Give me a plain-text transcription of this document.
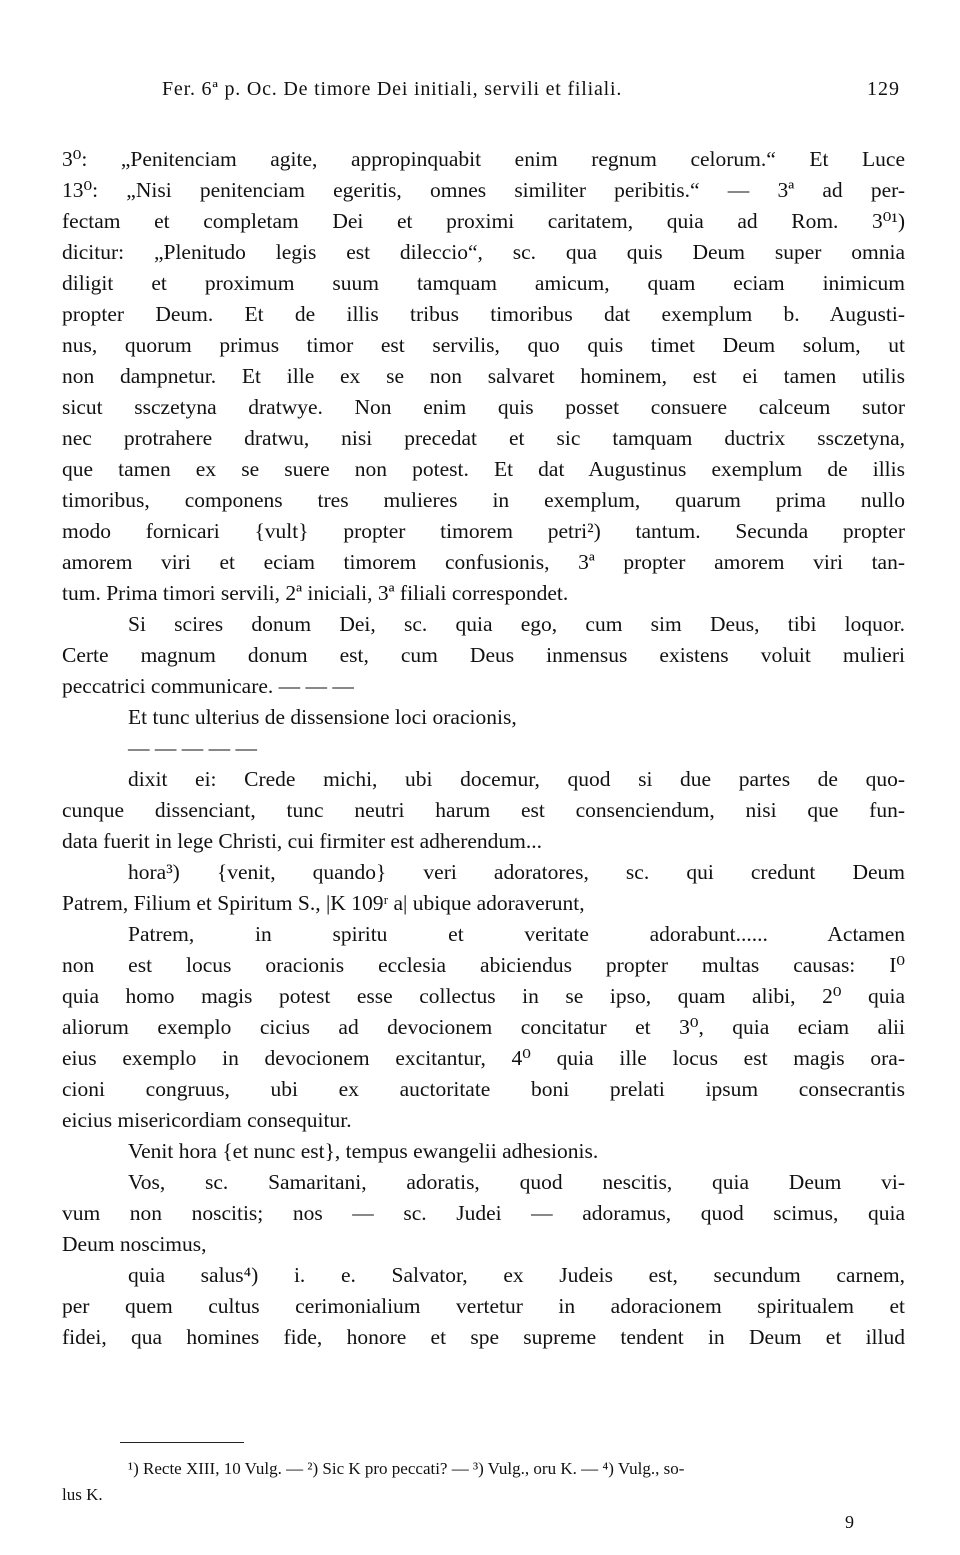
Fer. 6ª p. Oc. De timore Dei initiali, servili et filiali.	129
3⁰: „Penitenciam agite, appropinquabit enim regnum celorum.“ Et Luce
13⁰: „Nisi penitenciam egeritis, omnes similiter peribitis.“ — 3ª ad per-
fectam et completam Dei et proximi caritatem, quia ad Rom. 3⁰¹)
dicitur: „Plenitudo legis est dileccio“, sc. qua quis Deum super omnia
diligit et proximum suum tamquam amicum, quam eciam inimicum
propter Deum. Et de illis tribus timoribus dat exemplum b. Augusti-
nus, quorum primus timor est servilis, quo quis timet Deum solum, ut
non dampnetur. Et ille ex se non salvaret hominem, est ei tamen utilis
sicut ssczetyna dratwye. Non enim quis posset consuere calceum sutor
nec protrahere dratwu, nisi precedat et sic tamquam ductrix ssczetyna,
que tamen ex se suere non potest. Et dat Augustinus exemplum de illis
timoribus, componens tres mulieres in exemplum, quarum prima nullo
modo fornicari {vult} propter timorem petri²) tantum. Secunda propter
amorem viri et eciam timorem confusionis, 3ª propter amorem viri tan-
tum. Prima timori servili, 2ª iniciali, 3ª filiali correspondet.
Si scires donum Dei, sc. quia ego, cum sim Deus, tibi loquor.
Certe magnum donum est, cum Deus inmensus existens voluit mulieri
peccatrici communicare. — — —
Et tunc ulterius de dissensione loci oracionis,
— — — — —
dixit ei: Crede michi, ubi docemur, quod si due partes de quo-
cunque dissenciant, tunc neutri harum est consenciendum, nisi que fun-
data fuerit in lege Christi, cui firmiter est adherendum...
hora³) {venit, quando} veri adoratores, sc. qui credunt Deum
Patrem, Filium et Spiritum S., |K 109ʳ a| ubique adoraverunt,
Patrem, in spiritu et veritate adorabunt...... Actamen
non est locus oracionis ecclesia abiciendus propter multas causas: I⁰
quia homo magis potest esse collectus in se ipso, quam alibi, 2⁰ quia
aliorum exemplo cicius ad devocionem concitatur et 3⁰, quia eciam alii
eius exemplo in devocionem excitantur, 4⁰ quia ille locus est magis ora-
cioni congruus, ubi ex auctoritate boni prelati ipsum consecrantis
eicius misericordiam consequitur.
Venit hora {et nunc est}, tempus ewangelii adhesionis.
Vos, sc. Samaritani, adoratis, quod nescitis, quia Deum vi-
vum non noscitis; nos — sc. Judei — adoramus, quod scimus, quia
Deum noscimus,
quia salus⁴) i. e. Salvator, ex Judeis est, secundum carnem,
per quem cultus cerimonialium vertetur in adoracionem spiritualem et
fidei, qua homines fide, honore et spe supreme tendent in Deum et illud
¹) Recte XIII, 10 Vulg. — ²) Sic K pro peccati? — ³) Vulg., oru K. — ⁴) Vulg., so-
lus K.
9
